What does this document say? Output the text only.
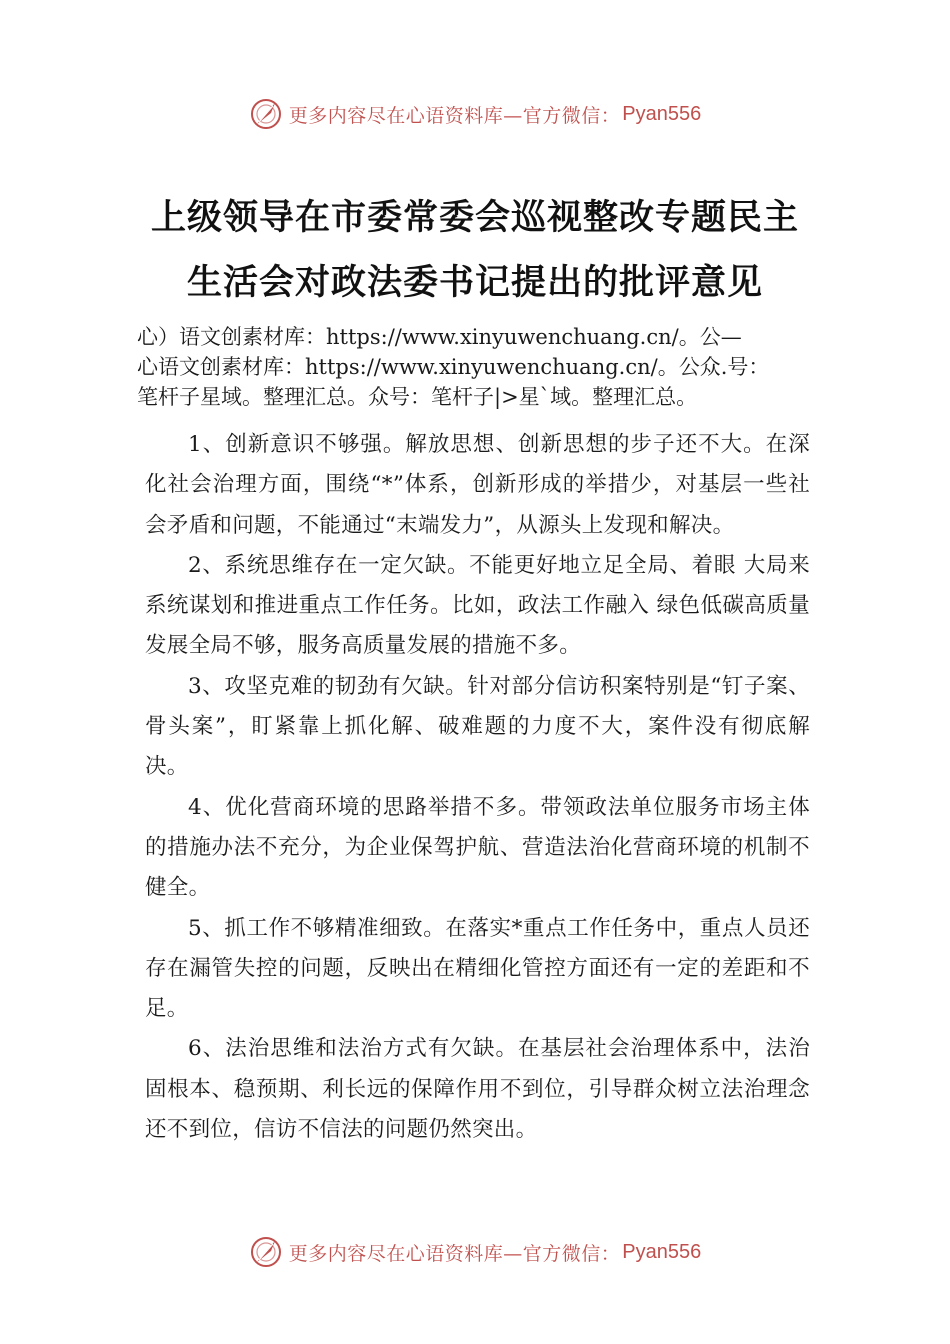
更多内容尽在心语资料库—官方微信： Pyan556
上级领导在市委常委会巡视整改专题民主
生活会对政法委书记提出的批评意见
心）语文创素材库：https://www.xinyuwenchuang.cn/。公—
心语文创素材库：https://www.xinyuwenchuang.cn/。公众.号：
笔杆子星域。整理汇总。众号：笔杆子|>星`域。整理汇总。

1、创新意识不够强。解放思想、创新思想的步子还不大。在深化社会治理方面，围绕“*”体系，创新形成的举措少，对基层一些社会矛盾和问题，不能通过“末端发力”，从源头上发现和解决。

2、系统思维存在一定欠缺。不能更好地立足全局、着眼 大局来系统谋划和推进重点工作任务。比如，政法工作融入 绿色低碳高质量发展全局不够，服务高质量发展的措施不多。

3、攻坚克难的韧劲有欠缺。针对部分信访积案特别是“钉子案、骨头案”，盯紧靠上抓化解、破难题的力度不大，案件没有彻底解决。

4、优化营商环境的思路举措不多。带领政法单位服务市场主体的措施办法不充分，为企业保驾护航、营造法治化营商环境的机制不健全。

5、抓工作不够精准细致。在落实*重点工作任务中，重点人员还存在漏管失控的问题，反映出在精细化管控方面还有一定的差距和不足。

6、法治思维和法治方式有欠缺。在基层社会治理体系中，法治固根本、稳预期、利长远的保障作用不到位，引导群众树立法治理念还不到位，信访不信法的问题仍然突出。

更多内容尽在心语资料库—官方微信： Pyan556
